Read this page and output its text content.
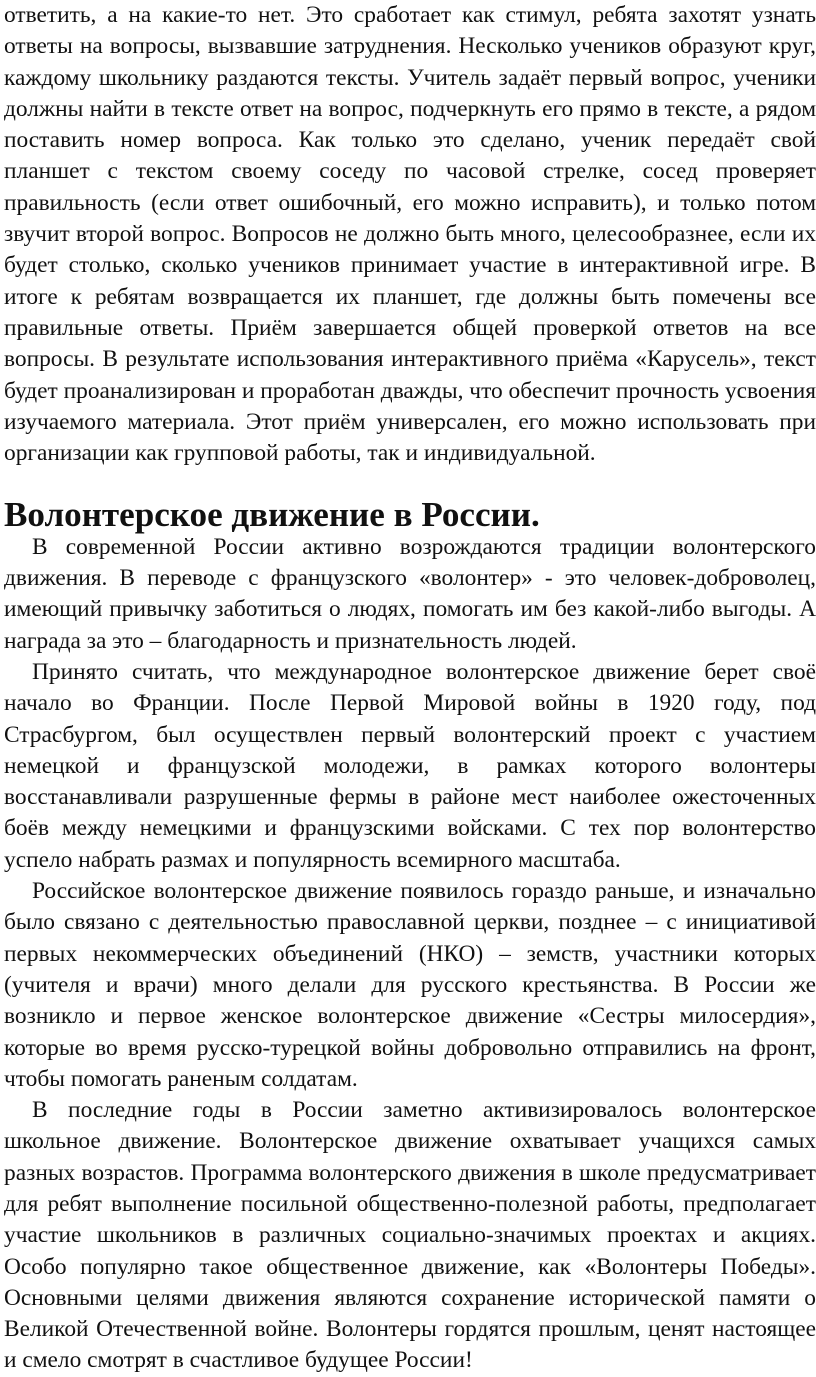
ответить, а на какие-то нет. Это сработает как стимул, ребята захотят узнать ответы на вопросы, вызвавшие затруднения. Несколько учеников образуют круг, каждому школьнику раздаются тексты. Учитель задаёт первый вопрос, ученики должны найти в тексте ответ на вопрос, подчеркнуть его прямо в тексте, а рядом поставить номер вопроса. Как только это сделано, ученик передаёт свой планшет с текстом своему соседу по часовой стрелке, сосед проверяет правильность (если ответ ошибочный, его можно исправить), и только потом звучит второй вопрос. Вопросов не должно быть много, целесообразнее, если их будет столько, сколько учеников принимает участие в интерактивной игре. В итоге к ребятам возвращается их планшет, где должны быть помечены все правильные ответы. Приём завершается общей проверкой ответов на все вопросы. В результате использования интерактивного приёма «Карусель», текст будет проанализирован и проработан дважды, что обеспечит прочность усвоения изучаемого материала. Этот приём универсален, его можно использовать при организации как групповой работы, так и индивидуальной.

Волонтерское движение в России.

В современной России активно возрождаются традиции волонтерского движения. В переводе с французского «волонтер» - это человек-доброволец, имеющий привычку заботиться о людях, помогать им без какой-либо выгоды. А награда за это – благодарность и признательность людей.

Принято считать, что международное волонтерское движение берет своё начало во Франции. После Первой Мировой войны в 1920 году, под Страсбургом, был осуществлен первый волонтерский проект с участием немецкой и французской молодежи, в рамках которого волонтеры восстанавливали разрушенные фермы в районе мест наиболее ожесточенных боёв между немецкими и французскими войсками. С тех пор волонтерство успело набрать размах и популярность всемирного масштаба.

Российское волонтерское движение появилось гораздо раньше, и изначально было связано с деятельностью православной церкви, позднее – с инициативой первых некоммерческих объединений (НКО) – земств, участники которых (учителя и врачи) много делали для русского крестьянства. В России же возникло и первое женское волонтерское движение «Сестры милосердия», которые во время русско-турецкой войны добровольно отправились на фронт, чтобы помогать раненым солдатам.

В последние годы в России заметно активизировалось волонтерское школьное движение. Волонтерское движение охватывает учащихся самых разных возрастов. Программа волонтерского движения в школе предусматривает для ребят выполнение посильной общественно-полезной работы, предполагает участие школьников в различных социально-значимых проектах и акциях. Особо популярно такое общественное движение, как «Волонтеры Победы». Основными целями движения являются сохранение исторической памяти о Великой Отечественной войне. Волонтеры гордятся прошлым, ценят настоящее и смело смотрят в счастливое будущее России!
